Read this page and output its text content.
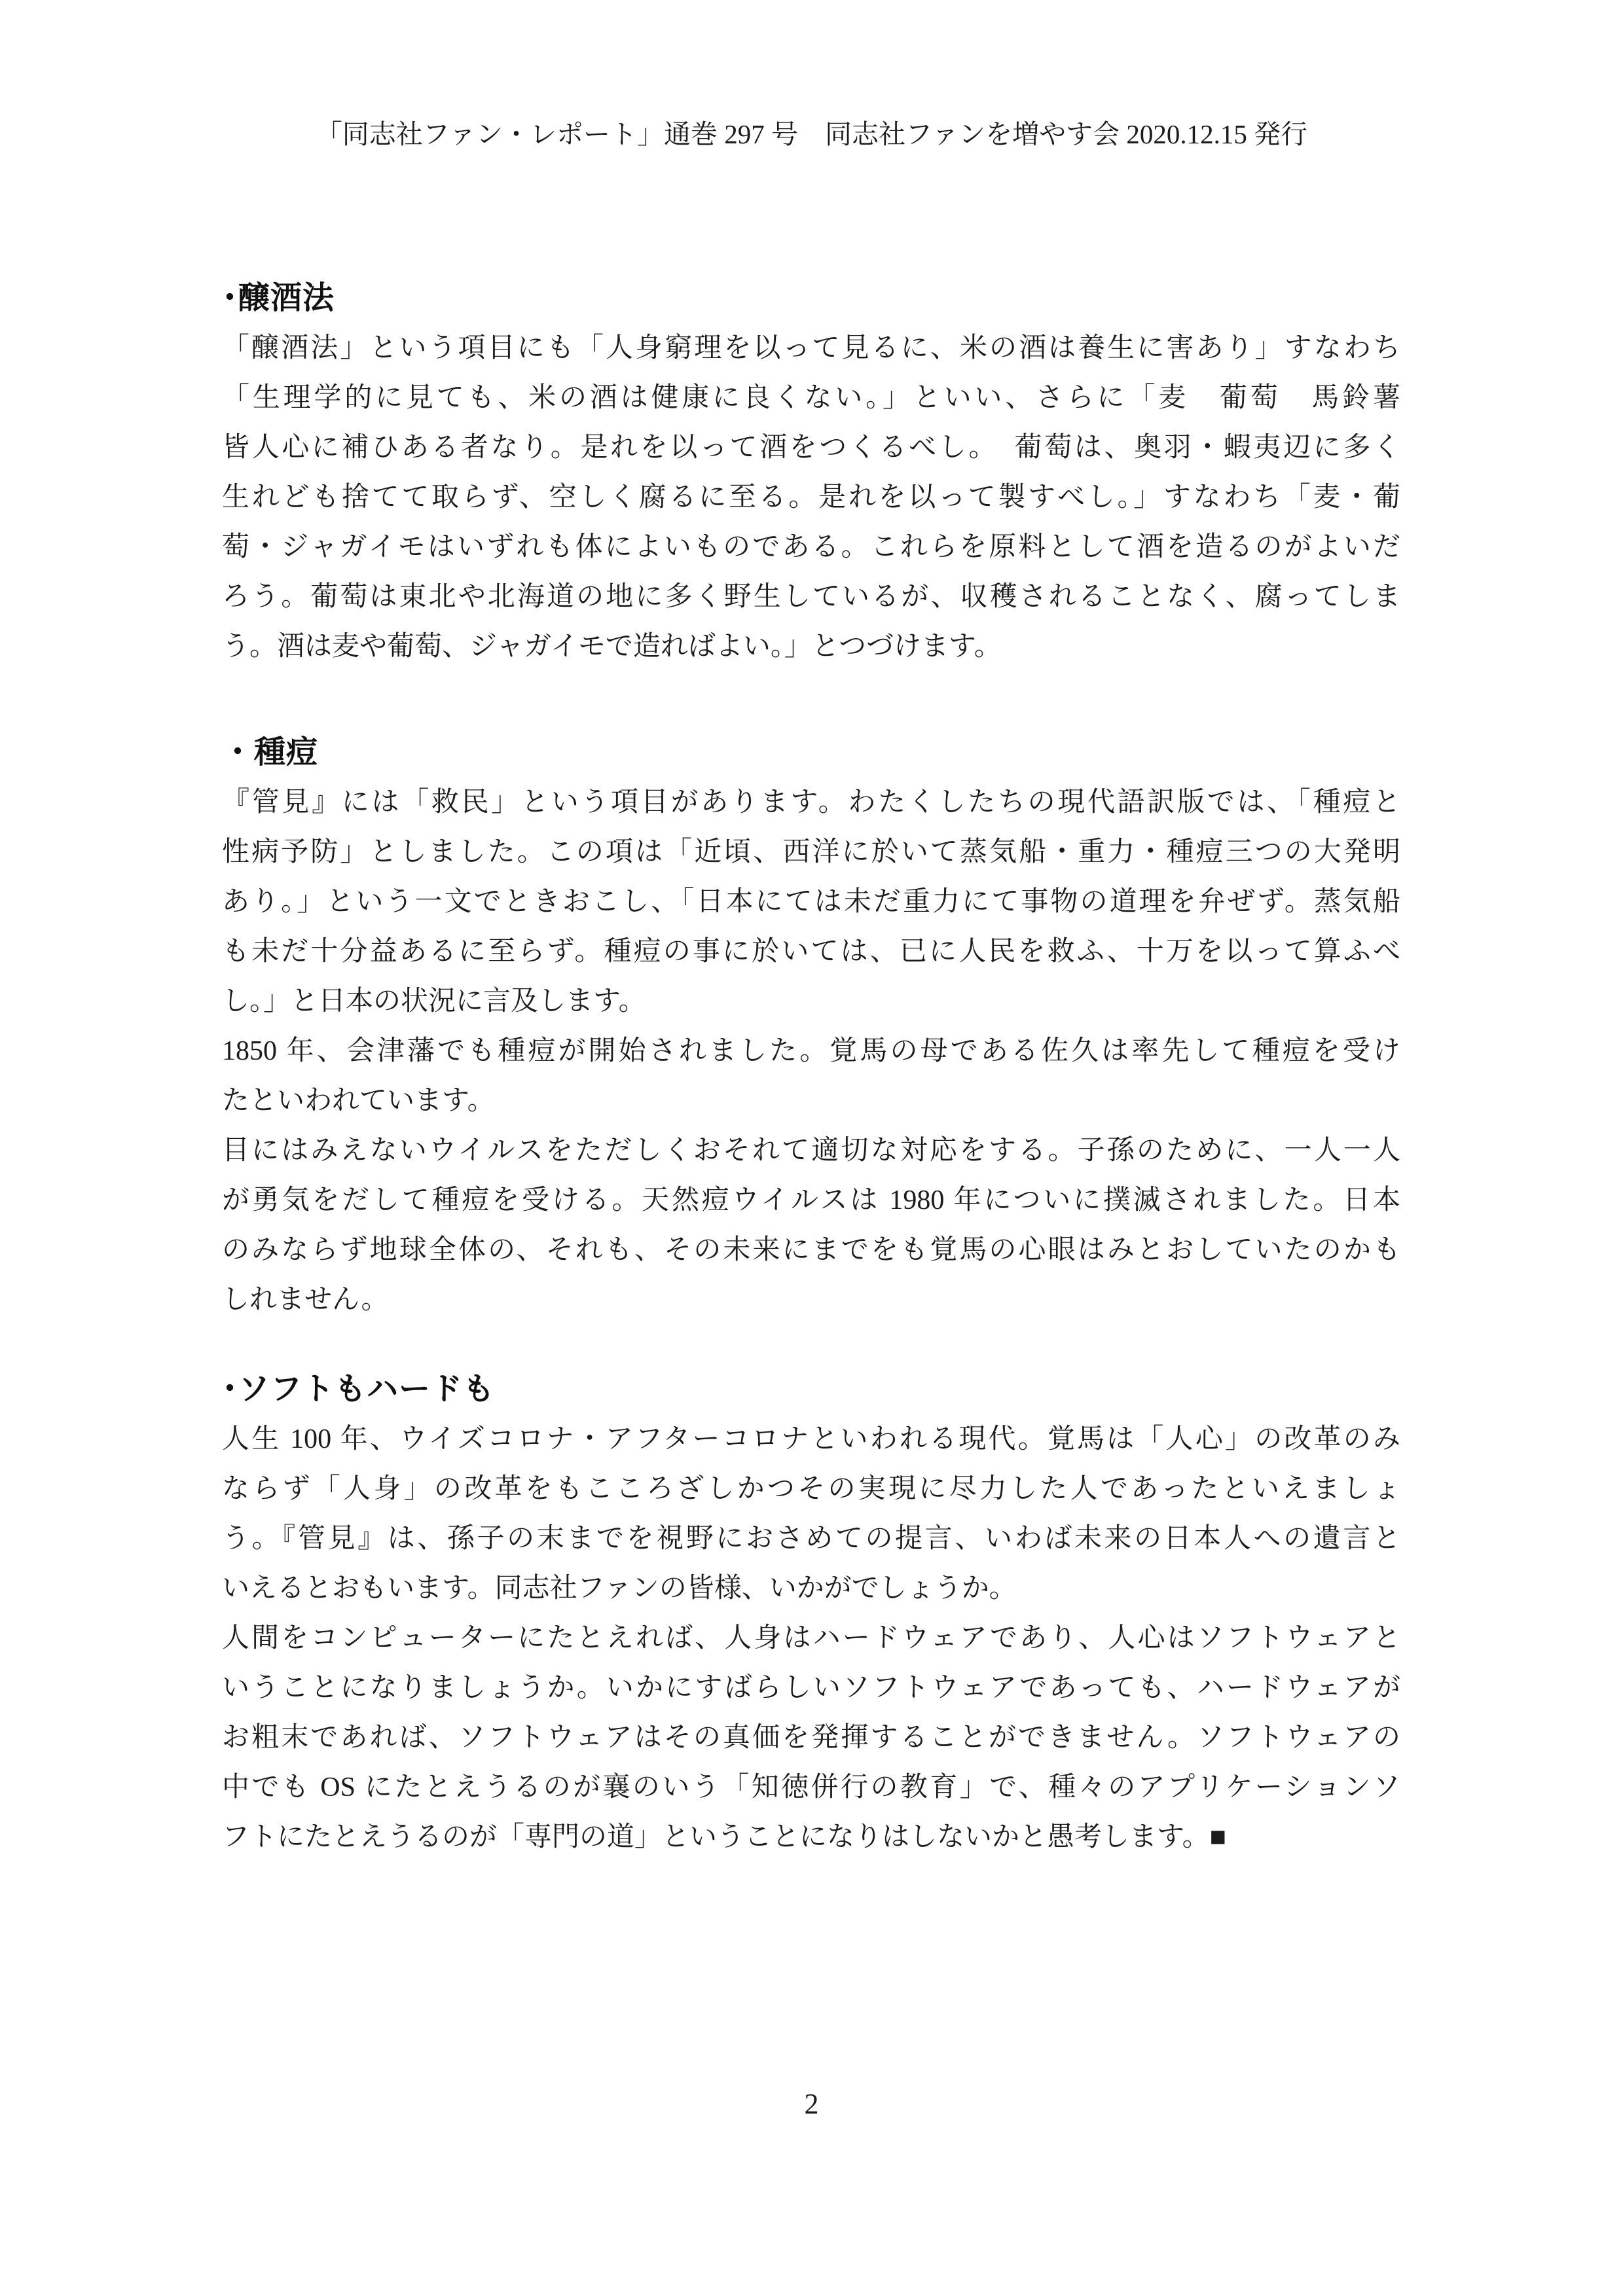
「同志社ファン・レポート」通巻 297 号　同志社ファンを増やす会 2020.12.15 発行
･醸酒法

「醸酒法」という項目にも「人身窮理を以って見るに、米の酒は養生に害あり」すなわち

「生理学的に見ても、米の酒は健康に良くない。」といい、さらに「麦　葡萄　馬鈴薯

皆人心に補ひある者なり。是れを以って酒をつくるべし。　葡萄は、奥羽・蝦夷辺に多く

生れども捨てて取らず、空しく腐るに至る。是れを以って製すべし。」すなわち「麦・葡

萄・ジャガイモはいずれも体によいものである。これらを原料として酒を造るのがよいだ

ろう。葡萄は東北や北海道の地に多く野生しているが、収穫されることなく、腐ってしま

う。酒は麦や葡萄、ジャガイモで造ればよい。」とつづけます。

・種痘

『管見』には「救民」という項目があります。わたくしたちの現代語訳版では、「種痘と

性病予防」としました。この項は「近頃、西洋に於いて蒸気船・重力・種痘三つの大発明

あり。」という一文でときおこし、「日本にては未だ重力にて事物の道理を弁ぜず。蒸気船

も未だ十分益あるに至らず。種痘の事に於いては、已に人民を救ふ、十万を以って算ふべ

し。」と日本の状況に言及します。

1850 年、会津藩でも種痘が開始されました。覚馬の母である佐久は率先して種痘を受け

たといわれています。

目にはみえないウイルスをただしくおそれて適切な対応をする。子孫のために、一人一人

が勇気をだして種痘を受ける。天然痘ウイルスは 1980 年についに撲滅されました。日本

のみならず地球全体の、それも、その未来にまでをも覚馬の心眼はみとおしていたのかも

しれません。

･ソフトもハードも

人生 100 年、ウイズコロナ・アフターコロナといわれる現代。覚馬は「人心」の改革のみ

ならず「人身」の改革をもこころざしかつその実現に尽力した人であったといえましょ

う。『管見』は、孫子の末までを視野におさめての提言、いわば未来の日本人への遺言と

いえるとおもいます。同志社ファンの皆様、いかがでしょうか。

人間をコンピューターにたとえれば、人身はハードウェアであり、人心はソフトウェアと

いうことになりましょうか。いかにすばらしいソフトウェアであっても、ハードウェアが

お粗末であれば、ソフトウェアはその真価を発揮することができません。ソフトウェアの

中でも OS にたとえうるのが襄のいう「知徳併行の教育」で、種々のアプリケーションソ

フトにたとえうるのが「専門の道」ということになりはしないかと愚考します。■

2
